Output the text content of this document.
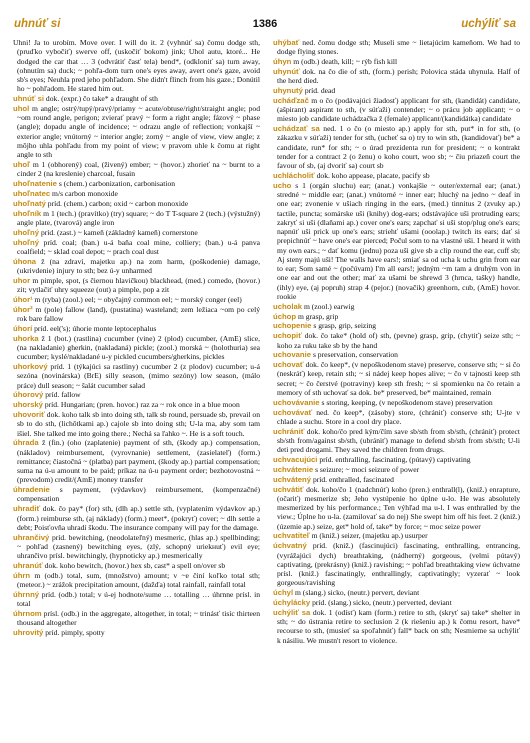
uhnúť si	1386	uchýliť sa

Uhni! Ja to urobím. Move over. I will do it. 2 (vyhnúť sa) čomu dodge sth, (pruďko vybočiť) swerve off, (uskočiť bokom) jink; Uhol autu, ktoré... He dodged the car that … 3 (odvrátiť časť tela) bend*, (odkloniť sa) turn away, (ohnutím sa) duck; ~ pohľa-dom turn one's eyes away, avert one's gaze, avoid sb's eyes; Neuhla pred jeho pohľadom. She didn't flinch from his gaze.; Donútil ho ~ pohľadom. He stared him out.

uhnúť si dok. (expr.) čo take* a draught of sth

uhol m angle; ostrý/tupý/pravý/priamy ~ acute/obtuse/right/straight angle; pod ~om round angle, perigon; zvierať pravý ~ form a right angle; fázový ~ phase (angle); dopadu angle of incidence; ~ odrazu angle of reflection; vonkajší ~ exterior angle; vnútorný ~ interior angle; zorný ~ angle of view, view angle; z môjho uhla pohľadu from my point of view; v pravom uhle k čomu at right angle to sth

uhoľ m 1 (obhorený) coal, (živený) ember; ~ (hovor.) zhorieť na ~ burnt to a cinder 2 (na kreslenie) charcoal, fusain

uhoľnatenie s (chem.) carbonization, carbonisation

uhoľnatec m/s carbon monoxide

uhoľnatý príd. (chem.) carbon; oxid ~ carbon monoxide

uhoľník m 1 (tech.) (pravítko) (try) square; ~ do T T-square 2 (tech.) (výstužný) angle plate, (tvarová) angle iron

uhoľný príd. (zast.) ~ kameň (základný kameň) cornerstone

uhoľný príd. coal; (ban.) u-á baňa coal mine, colliery; (ban.) u-á panva coalfield; ~ sklad coal depot; ~ prach coal dust

úhona ž (na zdraví, majetku ap.) na zom harm, (poškodenie) damage, (ukrivdenie) injury to sth; bez ú-y unharmed

uhor m pimple, spot, (s čiernou hlavičkou) blackhead, (med.) comedo, (hovor.) zit; vytlačiť uhry squeeze (out) a pimple, pop a zit

úhor¹ m (ryba) (zool.) eel; ~ obyčajný common eel; ~ morský conger (eel)

úhor² m (pole) fallow (land), (pustatina) wasteland; zem ležiaca ~om po celý rok bare fallow

úhorí príd. eel('s); úhorie monte leptocephalus

uhorka ž 1 (bot.) (rastlina) cucumber (vine) 2 (plod) cucumber, (AmE) slice, (na nakladanie) gherkin, (nakladaná) pickle; (zool.) morská ~ (holothuria) sea cucumber; kyslé/nakladané u-y pickled cucumbers/gherkins, pickles

uhorkový príd. 1 (týkajúci sa rastliny) cucumber 2 (z plodov) cucumber; u-á sezóna (novinárska) (BrE) silly season, (mimo sezóny) low season, (málo práce) dull season; ~ šalát cucumber salad

úhorový príd. fallow

uhorský príd. Hungarian; (pren. hovor.) raz za ~ rok once in a blue moon

uhovoriť dok. koho talk sb into doing sth, talk sb round, persuade sb, prevail on sb to do sth, (lichôtkami ap.) cajole sb into doing sth; U-la ma, aby som tam išiel. She talked me into going there.; Nechá sa ľahko ~. He is a soft touch.

úhrada ž (fin.) (oho (zaplatenie) payment of sth, (škody ap.) compensation, (nákladov) reimbursement, (vyrovnanie) settlement, (zasielateľ) (form.) remittance; čiastočná ~ (platba) part payment, (škody ap.) partial compensation; suma na ú-u amount to be paid; príkaz na ú-u payment order; bezhotovostná ~ (prevodom) credit/(AmE) money transfer

úhradenie s payment, (výdavkov) reimbursement, (kompenzačné) compensation

uhradiť dok. čo pay* (for) sth, (dlh ap.) settle sth, (vyplatením výdavkov ap.) (form.) reimburse sth, (aj náklady) (form.) meet*, (pokryť) cover; ~ dlh settle a debt; Poisťovňa uhradí škodu. The insurance company will pay for the damage.

uhrančivý príd. bewitching, (neodolateľný) mesmeric, (hlas ap.) spellbinding; ~ pohľad (zasnený) bewitching eyes, (zlý, schopný uriekнuť) evil eye; uhrančivo prísl. bewitchingly, (hypnoticky ap.) mesmerically

uhranúť dok. koho bewitch, (hovor.) hex sb, cast* a spell on/over sb

úhrn m (odb.) total, sum, (množstvo) amount; v ~e činí koľko total sth; (meteor.) ~ zrážok precipitation amount, (dažďa) total rainfall, rainfall total

úhrnný príd. (odb.) total; v ú-ej hodnote/sume … totalling … úhrnne prísl. in total

úhrnom prísl. (odb.) in the aggregate, altogether, in total; ~ trinásť tisíc thirteen thousand altogether

uhrovitý príd. pimply, spotty

uhýbať ned. čomu dodge sth; Museli sme ~ lietajúcim kameňom. We had to dodge flying stones.

úhyn m (odb.) death, kill; ~ rýb fish kill

uhynúť dok. na čo die of sth, (form.) perish; Polovica stáda uhynula. Half of the herd died.

uhynutý príd. dead

ucháďzač m o čo (podávajúci žiadosť) applicant for sth, (kandidát) candidate, (ašpirant) aspirant to sth, (v súťaži) contender; ~ o prácu job applicant; ~ o miesto job candidate uchádzačka ž (female) applicant/(kandidátka) candidate

uchádzať sa ned. 1 o čo (o miesto ap.) apply for sth, put* in for sth, (o zákazku v súťaži) tender for sth, (ucheť sa o) try to win sth, (kandidovať) be* a candidate, run* for sth; ~ o úrad prezidenta run for president; ~ o kontrakt tender for a contract 2 (o ženu) o koho court, woo sb; ~ čiu priazeň court the favour of sb, (aj dvoriť sa) court sb

uchlácholiť dok. koho appease, placate, pacify sb

ucho s 1 (orgán sluchu) ear; (anat.) vonkajšie ~ outer/external ear; (anat.) stredné ~ middle ear; (anat.) vnútorné ~ inner ear; hluchý na jedno ~ deaf in one ear; zvonenie v ušiach ringing in the ears, (med.) tinnitus 2 (zvuky ap.) tactile, puncta; somárske uši (knihy) dog-ears; odstávajúce uši protruding ears; zakryť si uši (dlaňami ap.) cover one's ears; zapchať si uši stop/plug one's ears; napnúť uši prick up one's ears; striehť ušami (ooolap.) twitch its ears; dať si prepichnúť ~ have one's ear pierced; Počul som to na vlastné uši. I heard it with my own ears.; ~ dať komu (jednu) poza uši give sb a clip round the ear, cuff sb; Aj steny majú uši! The walls have ears!; smiať sa od ucha k uchu grin from ear to ear; Som samé ~ (počúvam) I'm all ears!; jedným ~m tam a druhým von in one ear and out the other; mať za ušami be shrewd 3 (hrnca, tašky) handle, (ihly) eye, (aj popruh) strap 4 (pejor.) (novačik) greenhorn, cub, (AmE) hovor. rookie

ucholak m (zool.) earwig

úchop m grasp, grip

uchopenie s grasp, grip, seizing

uchopiť dok. čo take* (hold of) sth, (pevne) grasp, grip, (chytiť) seize sth; ~ koho za ruku take sb by the hand

uchovanie s preservation, conservation

uchovať dok. čo keep*, (v nepoškodenom stave) preserve, conserve sth; ~ si čo (neskráť) keep, retain sth; ~ si nádej keep hopes alive; ~ čo v tajnosti keep sth secret; ~ čo čerstvé (potraviny) keep sth fresh; ~ si spomienku na čo retain a memory of sth uchovať sa dok. be* preserved, be* maintained, remain

uchovávanie s storing, keeping, (v nepoškodenom stave) preservation

uchovávať ned. čo keep*, (zásoby) store, (chrániť) conserve sth; U-jte v chlade a suchu. Store in a cool dry place.

uchrániť dok. koho/čo pred kým/čím save sb/sth from sb/sth, (chrániť) protect sb/sth from/against sb/sth, (ubrániť) manage to defend sb/sth from sb/sth; U-li deti pred drogami. They saved the children from drugs.

uchvacujúci príd. enthralling, fascinating, (pútavý) captivating

uchvátenie s seizure; ~ moci seizure of power

uchvátený príd. enthralled, fascinated

uchvátiť dok. koho/čo 1 (nadchnúť) koho (pren.) enthrall(l), (kniž.) enrapture, (očariť) mesmerize sb; Jeho vystúpenie ho úplne u-lo. He was absolutely mesmerized by his performance.; Ten výhľad ma u-l. I was enthralled by the view.; Úplne ho u-la. (zamilovať sa do nej) She swept him off his feet. 2 (kniž.) (územie ap.) seize, get* hold of, take* by force; ~ moc seize power

uchvatiteľ m (kniž.) seizer, (majetku ap.) usurper

úchvatný príd. (kniž.) (fascinujúci) fascinating, enthralling, entrancing, (vyrážajúci dych) breathtaking, (nádherný) gorgeous, (velmi pútavý) captivating, (prekrásny) (kniž.) ravishing; ~ pohľad breathtaking view úchvatne prísl. (kniž.) fascinatingly, enthrallingly, captivatingly; vyzerať ~ look gorgeous/ravishing

úchyl m (slang.) sicko, (neutr.) pervert, deviant

úchylácky príd. (slang.) sicko, (neutr.) perverted, deviant

uchýliť sa dok. 1 (odísť) kam (form.) retire to sth, (skryť sa) take* shelter in sth; ~ do ústrania retire to seclusion 2 (k riešeniu ap.) k čomu resort, have* recourse to sth, (musieť sa spoľahnúť) fall* back on sth; Nesmieme sa uchýliť k násiliu. We mustn't resort to violence.
